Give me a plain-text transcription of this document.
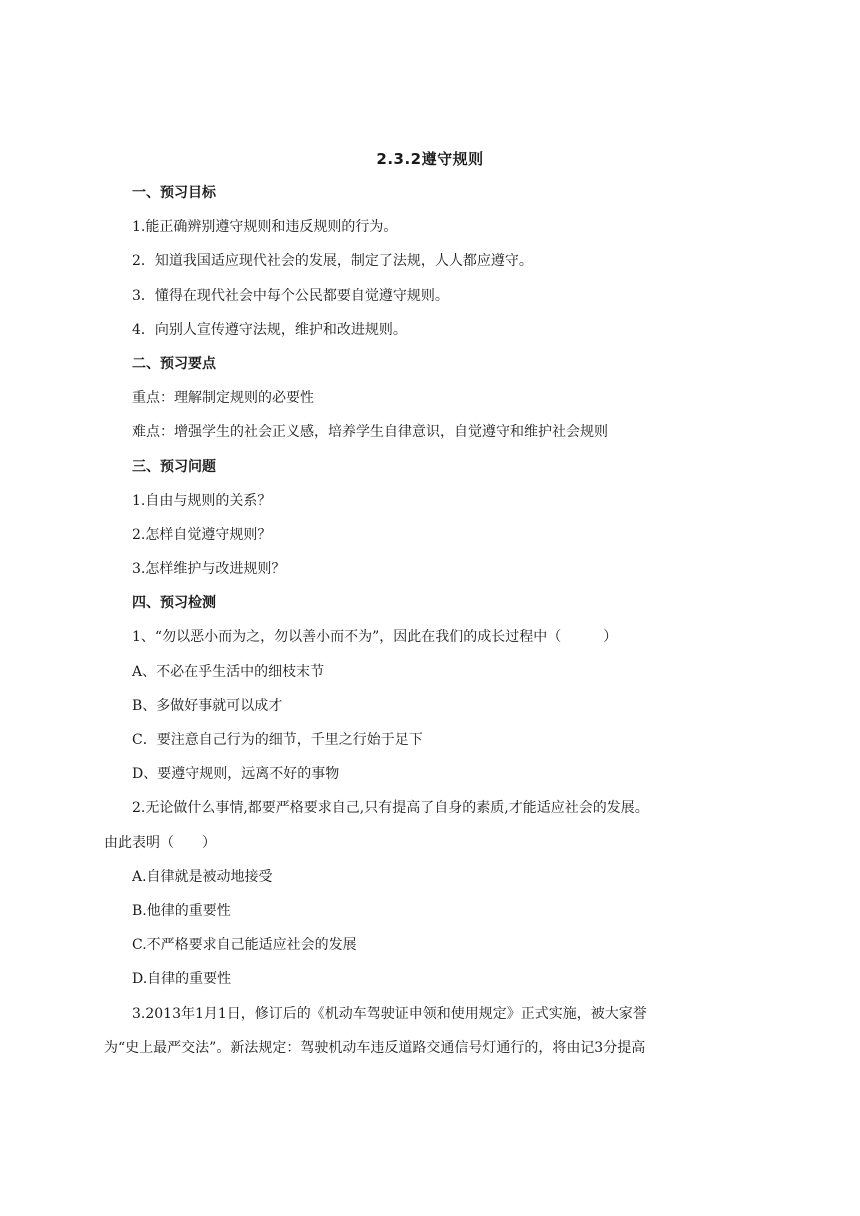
2.3.2遵守规则
一、预习目标
1.能正确辨别遵守规则和违反规则的行为。
2．知道我国适应现代社会的发展，制定了法规，人人都应遵守。
3．懂得在现代社会中每个公民都要自觉遵守规则。
4．向别人宣传遵守法规，维护和改进规则。
二、预习要点
重点：理解制定规则的必要性
难点：增强学生的社会正义感，培养学生自律意识，自觉遵守和维护社会规则
三、预习问题
1.自由与规则的关系？
2.怎样自觉遵守规则？
3.怎样维护与改进规则？
四、预习检测
1、“勿以恶小而为之，勿以善小而不为”，因此在我们的成长过程中（　　　）
A、不必在乎生活中的细枝末节
B、多做好事就可以成才
C．要注意自己行为的细节，千里之行始于足下
D、要遵守规则，远离不好的事物
2.无论做什么事情,都要严格要求自己,只有提高了自身的素质,才能适应社会的发展。
由此表明（　　）
A.自律就是被动地接受
B.他律的重要性
C.不严格要求自己能适应社会的发展
D.自律的重要性
3.2013年1月1日，修订后的《机动车驾驶证申领和使用规定》正式实施，被大家誉
为“史上最严交法”。新法规定：驾驶机动车违反道路交通信号灯通行的，将由记3分提高
